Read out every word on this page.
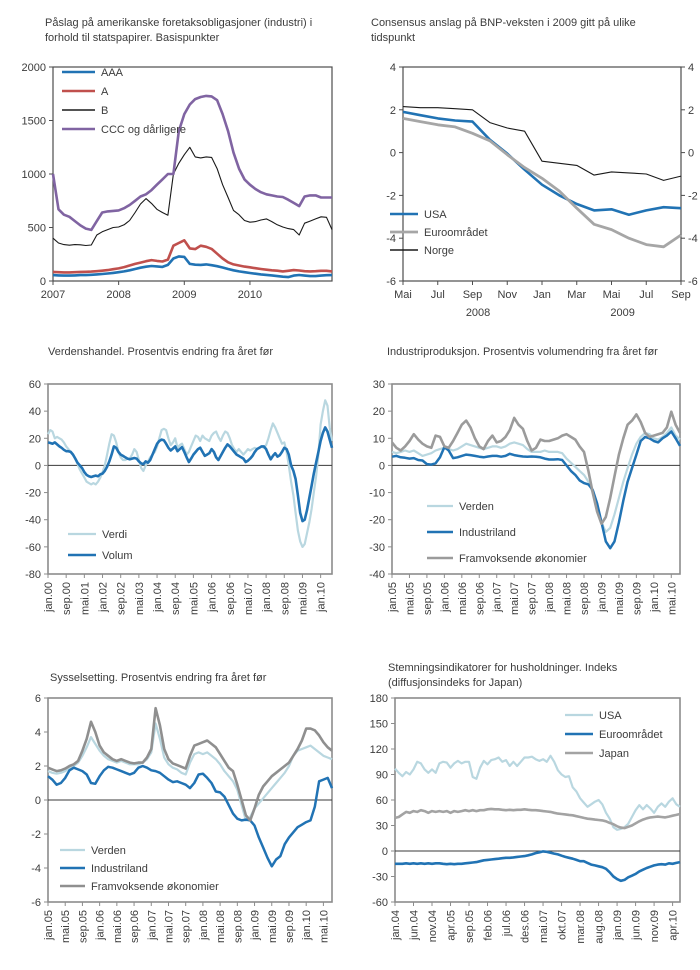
Påslag på amerikanske foretaksobligasjoner (industri) i forhold til statspapirer. Basispunkter
0
500
1000
1500
2000
2007	2008	2009	2010
AAA
A
B
CCC og dårligere
Consensus anslag på BNP-veksten i 2009 gitt på ulike tidspunkt
-6	-6
-4	-4
-2	-2
0	0
2	2
4	4
Mai Jul Sep Nov Jan Mar Mai Jul Sep
2008	2009
USA
Euroområdet
Norge
Verdenshandel. Prosentvis endring fra året før
-80
-60
-40
-20
0
20
40
60
jan.00 sep.00 mai.01 jan.02 sep.02 mai.03 jan.04 sep.04 mai.05 jan.06 sep.06 mai.07 jan.08 sep.08 mai.09 jan.10
Verdi
Volum
Industriproduksjon. Prosentvis volumendring fra året før
-40
-30
-20
-10
0
10
20
30
jan.05 mai.05 sep.05 jan.06 mai.06 sep.06 jan.07 mai.07 sep.07 jan.08 mai.08 sep.08 jan.09 mai.09 sep.09 jan.10 mai.10
Verden
Industriland
Framvoksende økonomier
Sysselsetting. Prosentvis endring fra året før
-6
-4
-2
0
2
4
6
jan.05 mai.05 sep.05 jan.06 mai.06 sep.06 jan.07 mai.07 sep.07 jan.08 mai.08 sep.08 jan.09 mai.09 sep.09 jan.10 mai.10
Verden
Industriland
Framvoksende økonomier
Stemningsindikatorer for husholdninger. Indeks (diffusjonsindeks for Japan)
-60
-30
0
30
60
90
120
150
180
jan.04 jun.04 nov.04 apr.05 sep.05 feb.06 jul.06 des.06 mai.07 okt.07 mar.08 aug.08 jan.09 jun.09 nov.09 apr.10
USA
Euroområdet
Japan
